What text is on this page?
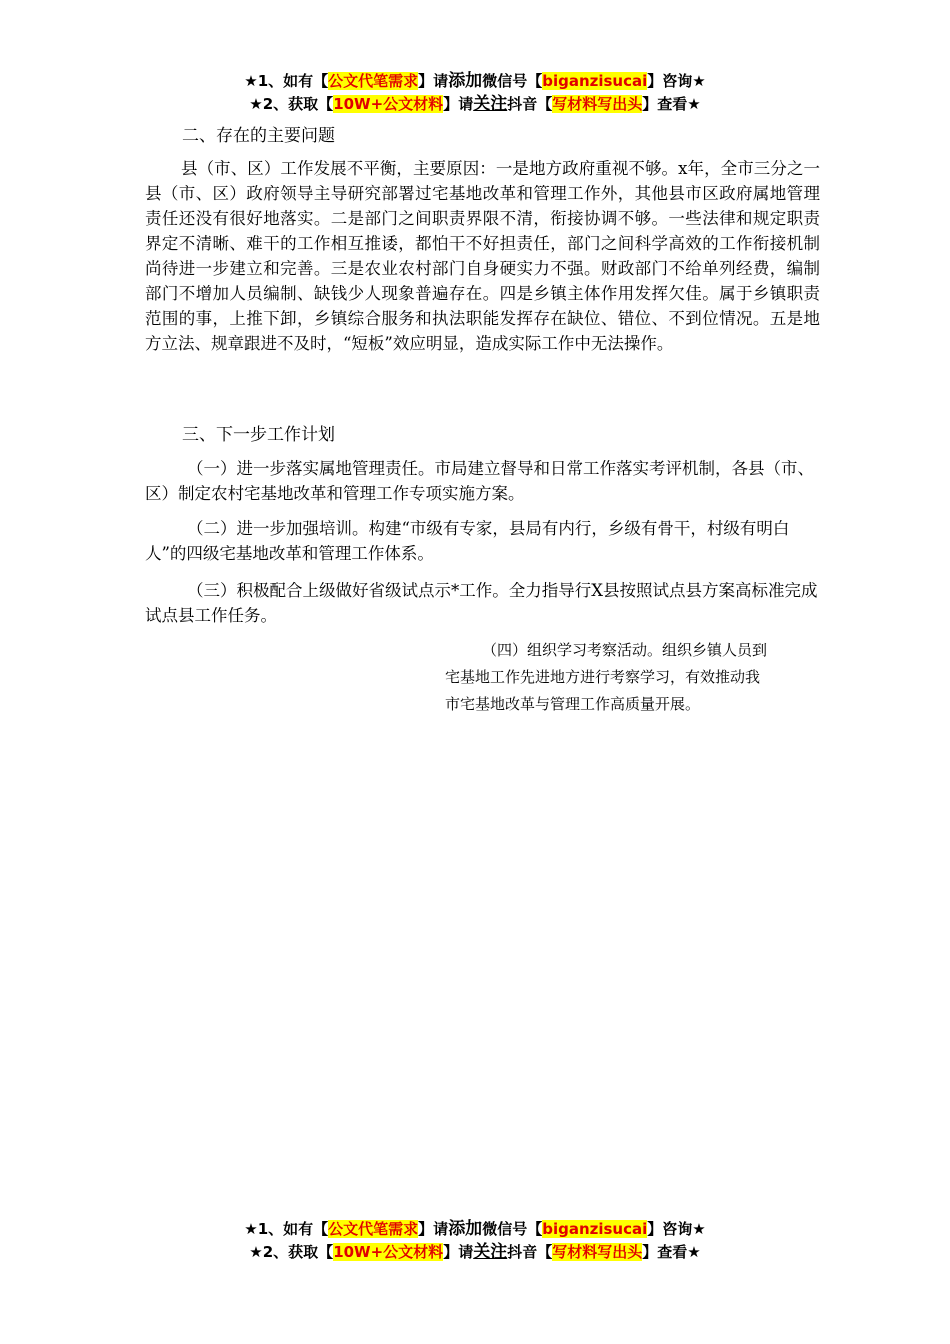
★1、如有【公文代笔需求】请添加微信号【biganzisucai】咨询★
★2、获取【10W+公文材料】请关注抖音【写材料写出头】查看★
二、存在的主要问题

县（市、区）工作发展不平衡，主要原因：一是地方政府重视不够。x年，全市三分之一县（市、区）政府领导主导研究部署过宅基地改革和管理工作外，其他县市区政府属地管理责任还没有很好地落实。二是部门之间职责界限不清，衔接协调不够。一些法律和规定职责界定不清晰、难干的工作相互推诿，都怕干不好担责任，部门之间科学高效的工作衔接机制尚待进一步建立和完善。三是农业农村部门自身硬实力不强。财政部门不给单列经费，编制部门不增加人员编制、缺钱少人现象普遍存在。四是乡镇主体作用发挥欠佳。属于乡镇职责范围的事，上推下卸，乡镇综合服务和执法职能发挥存在缺位、错位、不到位情况。五是地方立法、规章跟进不及时，“短板”效应明显，造成实际工作中无法操作。

三、下一步工作计划

（一）进一步落实属地管理责任。市局建立督导和日常工作落实考评机制，各县（市、区）制定农村宅基地改革和管理工作专项实施方案。

（二）进一步加强培训。构建“市级有专家，县局有内行，乡级有骨干，村级有明白人”的四级宅基地改革和管理工作体系。

（三）积极配合上级做好省级试点示*工作。全力指导行X县按照试点县方案高标准完成试点县工作任务。

（四）组织学习考察活动。组织乡镇人员到
宅基地工作先进地方进行考察学习，有效推动我
市宅基地改革与管理工作高质量开展。
★1、如有【公文代笔需求】请添加微信号【biganzisucai】咨询★
★2、获取【10W+公文材料】请关注抖音【写材料写出头】查看★
